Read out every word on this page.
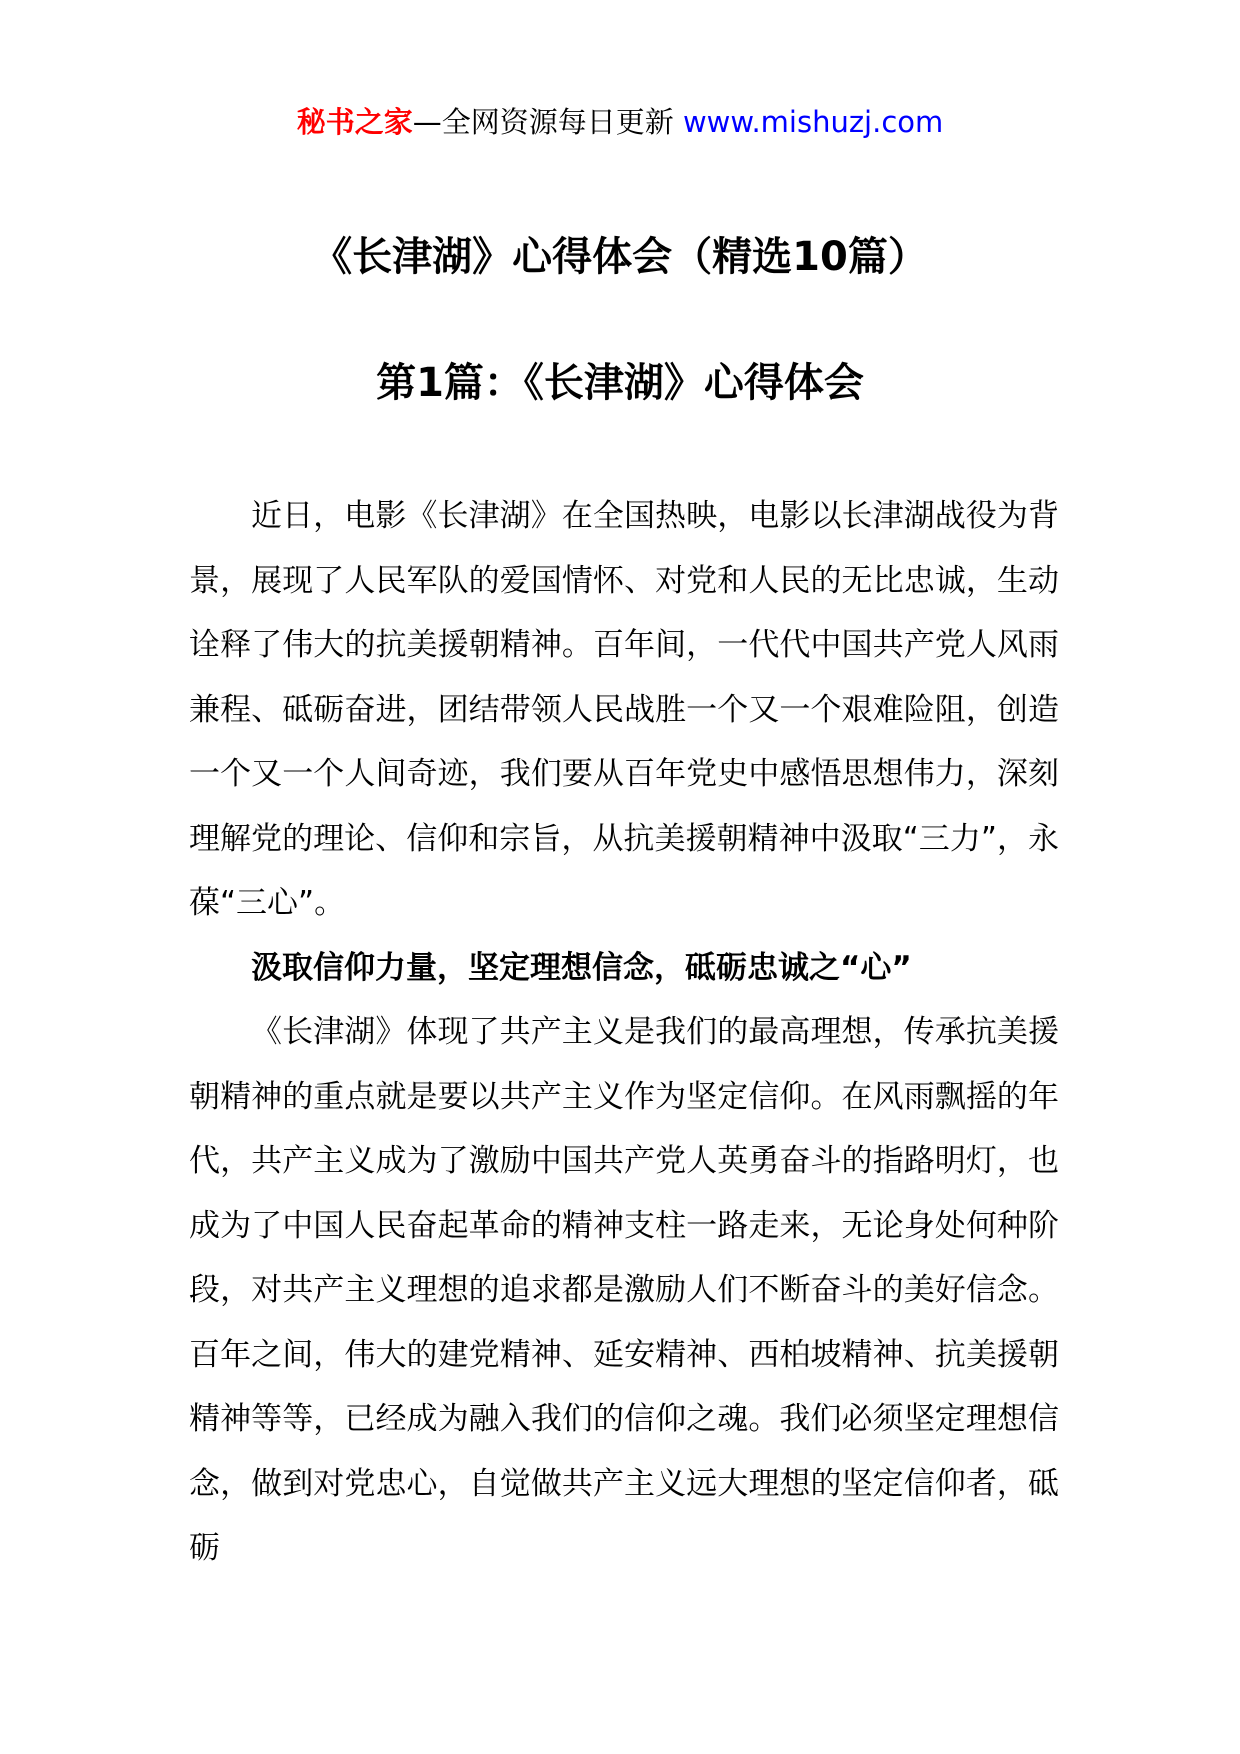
秘书之家—全网资源每日更新 www.mishuzj.com
《长津湖》心得体会（精选10篇）
第1篇：《长津湖》心得体会

近日，电影《长津湖》在全国热映，电影以长津湖战役为背景，展现了人民军队的爱国情怀、对党和人民的无比忠诚，生动诠释了伟大的抗美援朝精神。百年间，一代代中国共产党人风雨兼程、砥砺奋进，团结带领人民战胜一个又一个艰难险阻，创造一个又一个人间奇迹，我们要从百年党史中感悟思想伟力，深刻理解党的理论、信仰和宗旨，从抗美援朝精神中汲取“三力”，永葆“三心”。

汲取信仰力量，坚定理想信念，砥砺忠诚之“心”

《长津湖》体现了共产主义是我们的最高理想，传承抗美援朝精神的重点就是要以共产主义作为坚定信仰。在风雨飘摇的年代，共产主义成为了激励中国共产党人英勇奋斗的指路明灯，也成为了中国人民奋起革命的精神支柱一路走来，无论身处何种阶段，对共产主义理想的追求都是激励人们不断奋斗的美好信念。百年之间，伟大的建党精神、延安精神、西柏坡精神、抗美援朝精神等等，已经成为融入我们的信仰之魂。我们必须坚定理想信念，做到对党忠心，自觉做共产主义远大理想的坚定信仰者，砥砺
